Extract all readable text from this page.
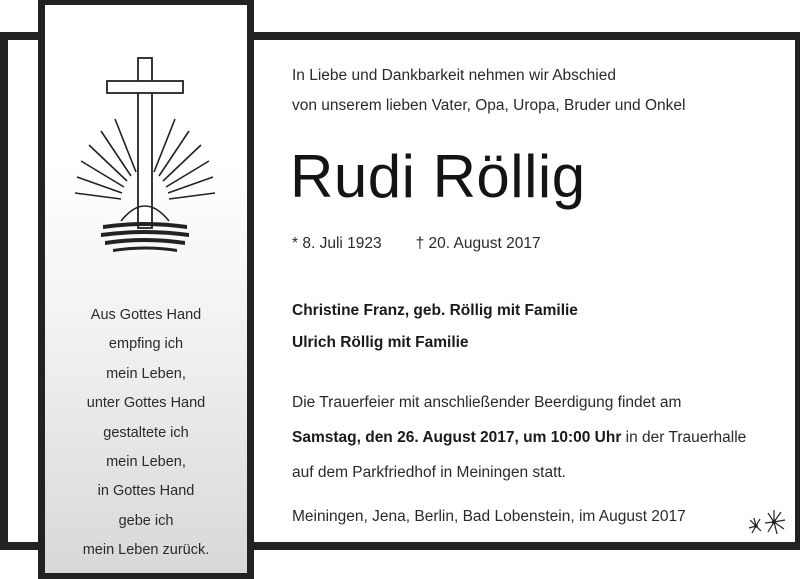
Aus Gottes Hand
empfing ich
mein Leben,
unter Gottes Hand
gestaltete ich
mein Leben,
in Gottes Hand
gebe ich
mein Leben zurück.
In Liebe und Dankbarkeit nehmen wir Abschied
von unserem lieben Vater, Opa, Uropa, Bruder und Onkel
Rudi Röllig
* 8. Juli 1923 † 20. August 2017
Christine Franz, geb. Röllig mit Familie
Ulrich Röllig mit Familie
Die Trauerfeier mit anschließender Beerdigung findet am
Samstag, den 26. August 2017, um 10:00 Uhr in der Trauerhalle
auf dem Parkfriedhof in Meiningen statt.
Meiningen, Jena, Berlin, Bad Lobenstein, im August 2017
